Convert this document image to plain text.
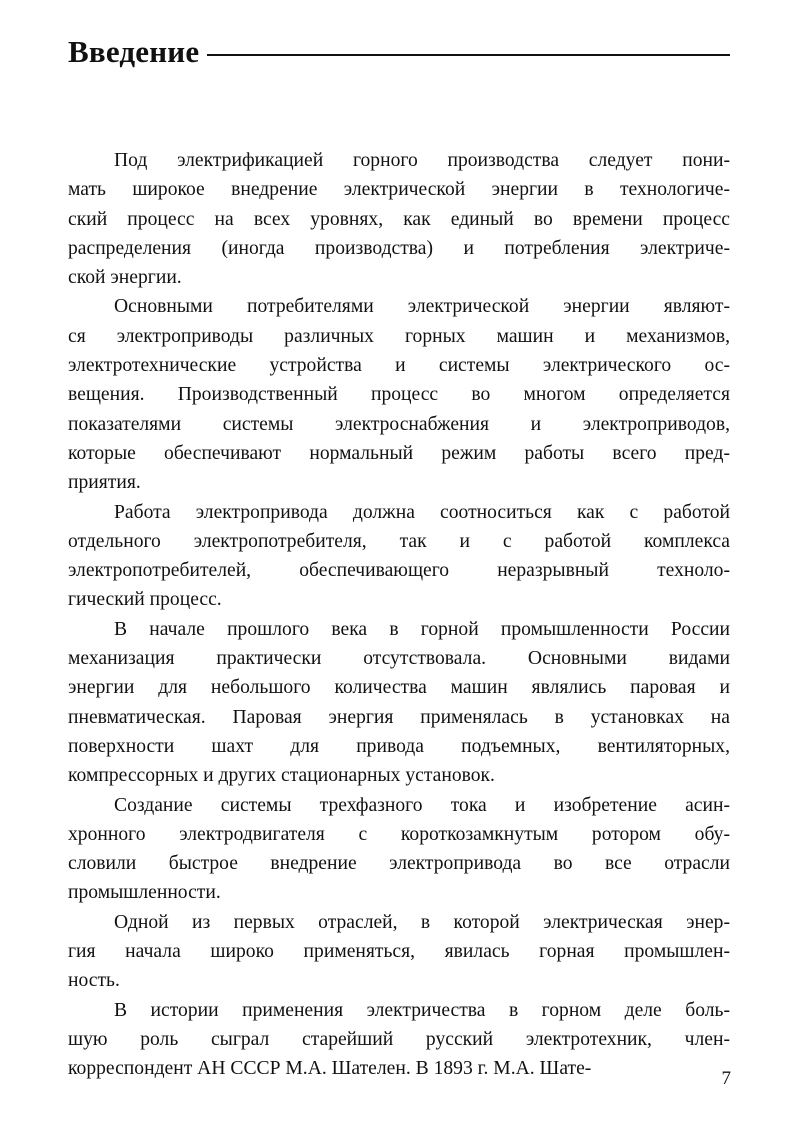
Введение
Под электрификацией горного производства следует пони-
мать широкое внедрение электрической энергии в технологиче-
ский процесс на всех уровнях, как единый во времени процесс
распределения (иногда производства) и потребления электриче-
ской энергии.
Основными потребителями электрической энергии являют-
ся электроприводы различных горных машин и механизмов,
электротехнические устройства и системы электрического ос-
вещения. Производственный процесс во многом определяется
показателями системы электроснабжения и электроприводов,
которые обеспечивают нормальный режим работы всего пред-
приятия.
Работа электропривода должна соотноситься как с работой
отдельного электропотребителя, так и с работой комплекса
электропотребителей, обеспечивающего неразрывный техноло-
гический процесс.
В начале прошлого века в горной промышленности России
механизация практически отсутствовала. Основными видами
энергии для небольшого количества машин являлись паровая и
пневматическая. Паровая энергия применялась в установках на
поверхности шахт для привода подъемных, вентиляторных,
компрессорных и других стационарных установок.
Создание системы трехфазного тока и изобретение асин-
хронного электродвигателя с короткозамкнутым ротором обу-
словили быстрое внедрение электропривода во все отрасли
промышленности.
Одной из первых отраслей, в которой электрическая энер-
гия начала широко применяться, явилась горная промышлен-
ность.
В истории применения электричества в горном деле боль-
шую роль сыграл старейший русский электротехник, член-
корреспондент АН СССР М.А. Шателен. В 1893 г. М.А. Шате-	7
